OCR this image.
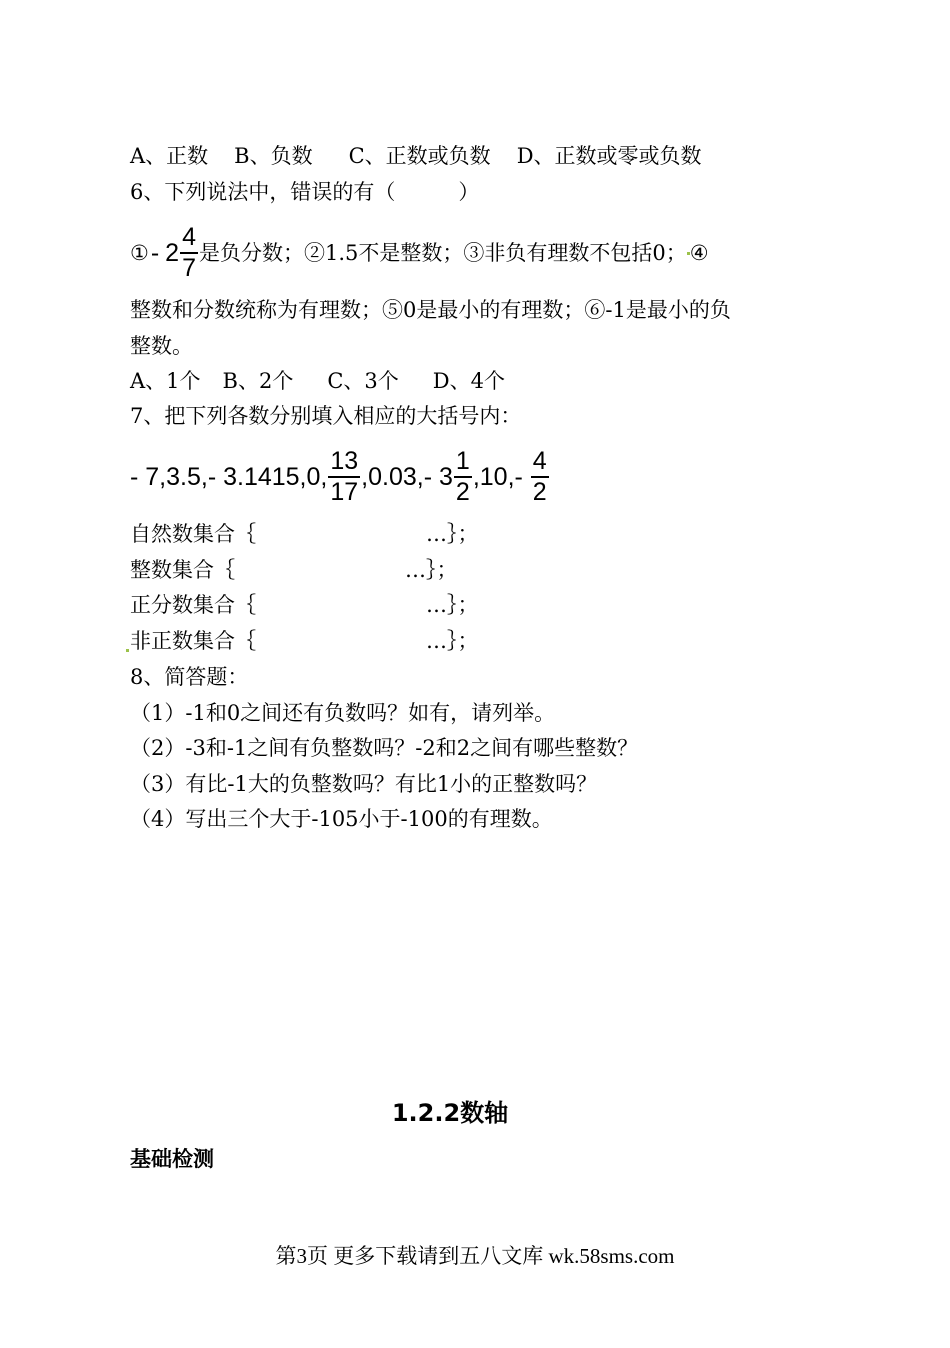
A、正数 B、负数 C、正数或负数 D、正数或零或负数
6、下列说法中，错误的有（　　　）
① - $2 \frac{4}{7}$ 是负分数；②1.5不是整数；③非负有理数不包括0； ④
整数和分数统称为有理数；⑤0是最小的有理数；⑥-1是最小的负
整数。
A、1个 B、2个 C、3个 D、4个
7、把下列各数分别填入相应的大括号内：
- 7,3.5,- 3.1415,0, $\frac{13}{17} ,0.03,-$ $3 \frac{1}{2} ,10,- \frac{4}{2}$
自然数集合｛	…｝；
整数集合｛	…｝；
正分数集合｛	…｝；
非正数集合｛	…｝；
8、简答题：
（1）-1和0之间还有负数吗？如有，请列举。
（2）-3和-1之间有负整数吗？-2和2之间有哪些整数？
（3）有比-1大的负整数吗？有比1小的正整数吗？
（4）写出三个大于-105小于-100的有理数。
1.2.2数轴
基础检测
第3页 更多下载请到五八文库 wk.58sms.com
